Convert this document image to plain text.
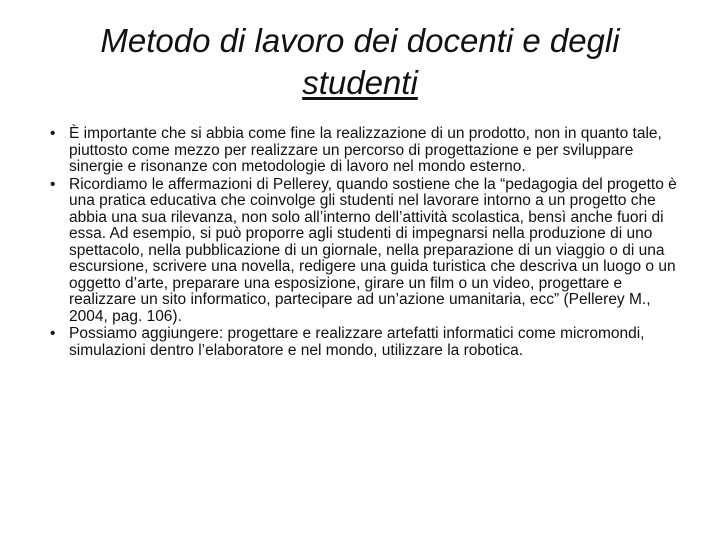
Metodo di lavoro dei docenti e degli
studenti
• È importante che si abbia come fine la realizzazione di un prodotto, non in quanto tale, piuttosto come mezzo per realizzare un percorso di progettazione e per sviluppare sinergie e risonanze con metodologie di lavoro nel mondo esterno.
• Ricordiamo le affermazioni di Pellerey, quando sostiene che la “pedagogia del progetto è una pratica educativa che coinvolge gli studenti nel lavorare intorno a un progetto che abbia una sua rilevanza, non solo all’interno dell’attività scolastica, bensì anche fuori di essa. Ad esempio, si può proporre agli studenti di impegnarsi nella produzione di uno spettacolo, nella pubblicazione di un giornale, nella preparazione di un viaggio o di una escursione, scrivere una novella, redigere una guida turistica che descriva un luogo o un oggetto d’arte, preparare una esposizione, girare un film o un video, progettare e realizzare un sito informatico, partecipare ad un’azione umanitaria, ecc” (Pellerey M., 2004, pag. 106).
• Possiamo aggiungere: progettare e realizzare artefatti informatici come micromondi, simulazioni dentro l’elaboratore e nel mondo, utilizzare la robotica.
